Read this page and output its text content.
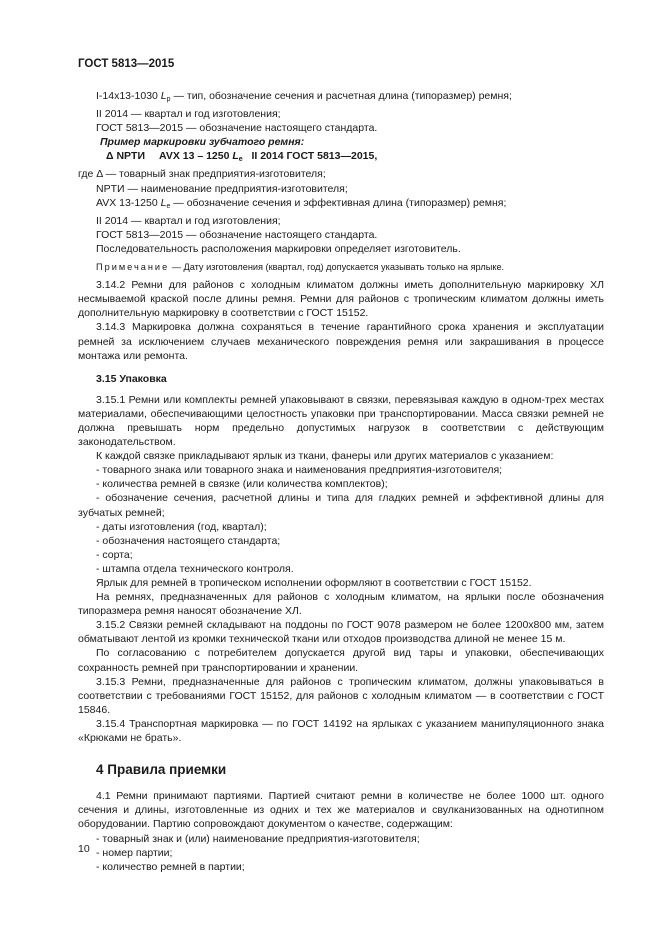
ГОСТ 5813—2015

I-14x13-1030 $L_p$ — тип, обозначение сечения и расчетная длина (типоразмер) ремня;

II 2014 — квартал и год изготовления;

ГОСТ 5813—2015 — обозначение настоящего стандарта.

Пример маркировки зубчатого ремня:

Δ NPTИ AVX 13 – 1250 $L_e$ II 2014 ГОСТ 5813—2015,

где Δ — товарный знак предприятия-изготовителя;

NPTИ — наименование предприятия-изготовителя;

AVX 13-1250 $L_e$ — обозначение сечения и эффективная длина (типоразмер) ремня;

II 2014 — квартал и год изготовления;

ГОСТ 5813—2015 — обозначение настоящего стандарта.

Последовательность расположения маркировки определяет изготовитель.

Примечание — Дату изготовления (квартал, год) допускается указывать только на ярлыке.

3.14.2 Ремни для районов с холодным климатом должны иметь дополнительную маркировку ХЛ несмываемой краской после длины ремня. Ремни для районов с тропическим климатом должны иметь дополнительную маркировку в соответствии с ГОСТ 15152.

3.14.3 Маркировка должна сохраняться в течение гарантийного срока хранения и эксплуатации ремней за исключением случаев механического повреждения ремня или закрашивания в процессе монтажа или ремонта.

3.15 Упаковка

3.15.1 Ремни или комплекты ремней упаковывают в связки, перевязывая каждую в одном-трех местах материалами, обеспечивающими целостность упаковки при транспортировании. Масса связки ремней не должна превышать норм предельно допустимых нагрузок в соответствии с действующим законодательством.

К каждой связке прикладывают ярлык из ткани, фанеры или других материалов с указанием:

- товарного знака или товарного знака и наименования предприятия-изготовителя;

- количества ремней в связке (или количества комплектов);

- обозначение сечения, расчетной длины и типа для гладких ремней и эффективной длины для зубчатых ремней;

- даты изготовления (год, квартал);

- обозначения настоящего стандарта;

- сорта;

- штампа отдела технического контроля.

Ярлык для ремней в тропическом исполнении оформляют в соответствии с ГОСТ 15152.

На ремнях, предназначенных для районов с холодным климатом, на ярлыки после обозначения типоразмера ремня наносят обозначение ХЛ.

3.15.2 Связки ремней складывают на поддоны по ГОСТ 9078 размером не более 1200х800 мм, затем обматывают лентой из кромки технической ткани или отходов производства длиной не менее 15 м.

По согласованию с потребителем допускается другой вид тары и упаковки, обеспечивающих сохранность ремней при транспортировании и хранении.

3.15.3 Ремни, предназначенные для районов с тропическим климатом, должны упаковываться в соответствии с требованиями ГОСТ 15152, для районов с холодным климатом — в соответствии с ГОСТ 15846.

3.15.4 Транспортная маркировка — по ГОСТ 14192 на ярлыках с указанием манипуляционного знака «Крюками не брать».

4 Правила приемки

4.1 Ремни принимают партиями. Партией считают ремни в количестве не более 1000 шт. одного сечения и длины, изготовленные из одних и тех же материалов и свулканизованных на однотипном оборудовании. Партию сопровождают документом о качестве, содержащим:

- товарный знак и (или) наименование предприятия-изготовителя;

- номер партии;

- количество ремней в партии;

10
